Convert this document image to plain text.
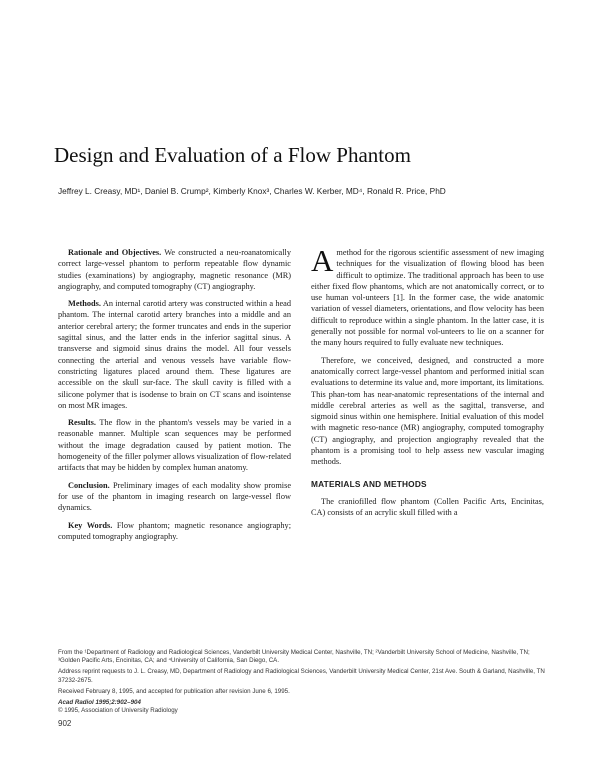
Design and Evaluation of a Flow Phantom
Jeffrey L. Creasy, MD¹, Daniel B. Crump², Kimberly Knox³, Charles W. Kerber, MD⁴, Ronald R. Price, PhD

Rationale and Objectives. We constructed a neu-roanatomically correct large-vessel phantom to perform repeatable flow dynamic studies (examinations) by angiography, magnetic resonance (MR) angiography, and computed tomography (CT) angiography.

Methods. An internal carotid artery was constructed within a head phantom. The internal carotid artery branches into a middle and an anterior cerebral artery; the former truncates and ends in the superior sagittal sinus, and the latter ends in the inferior sagittal sinus. A transverse and sigmoid sinus drains the model. All four vessels connecting the arterial and venous vessels have variable flow-constricting ligatures placed around them. These ligatures are accessible on the skull sur-face. The skull cavity is filled with a silicone polymer that is isodense to brain on CT scans and isointense on most MR images.

Results. The flow in the phantom's vessels may be varied in a reasonable manner. Multiple scan sequences may be performed without the image degradation caused by patient motion. The homogeneity of the filler polymer allows visualization of flow-related artifacts that may be hidden by complex human anatomy.

Conclusion. Preliminary images of each modality show promise for use of the phantom in imaging research on large-vessel flow dynamics.

Key Words. Flow phantom; magnetic resonance angiography; computed tomography angiography.

Amethod for the rigorous scientific assessment of new imaging techniques for the visualization of flowing blood has been difficult to optimize. The traditional approach has been to use either fixed flow phantoms, which are not anatomically correct, or to use human vol-unteers [1]. In the former case, the wide anatomic variation of vessel diameters, orientations, and flow velocity has been difficult to reproduce within a single phantom. In the latter case, it is generally not possible for normal vol-unteers to lie on a scanner for the many hours required to fully evaluate new techniques.

Therefore, we conceived, designed, and constructed a more anatomically correct large-vessel phantom and performed initial scan evaluations to determine its value and, more important, its limitations. This phan-tom has near-anatomic representations of the internal and middle cerebral arteries as well as the sagittal, transverse, and sigmoid sinus within one hemisphere. Initial evaluation of this model with magnetic reso-nance (MR) angiography, computed tomography (CT) angiography, and projection angiography revealed that the phantom is a promising tool to help assess new vascular imaging methods.

MATERIALS AND METHODS

The craniofilled flow phantom (Collen Pacific Arts, Encinitas, CA) consists of an acrylic skull filled with a

From the ¹Department of Radiology and Radiological Sciences, Vanderbilt University Medical Center, Nashville, TN; ²Vanderbilt University School of Medicine, Nashville, TN; ³Golden Pacific Arts, Encinitas, CA; and ⁴University of California, San Diego, CA.

Address reprint requests to J. L. Creasy, MD, Department of Radiology and Radiological Sciences, Vanderbilt University Medical Center, 21st Ave. South & Garland, Nashville, TN 37232-2675.

Received February 8, 1995, and accepted for publication after revision June 6, 1995.

Acad Radiol 1995;2:902–904

© 1995, Association of University Radiology

902
